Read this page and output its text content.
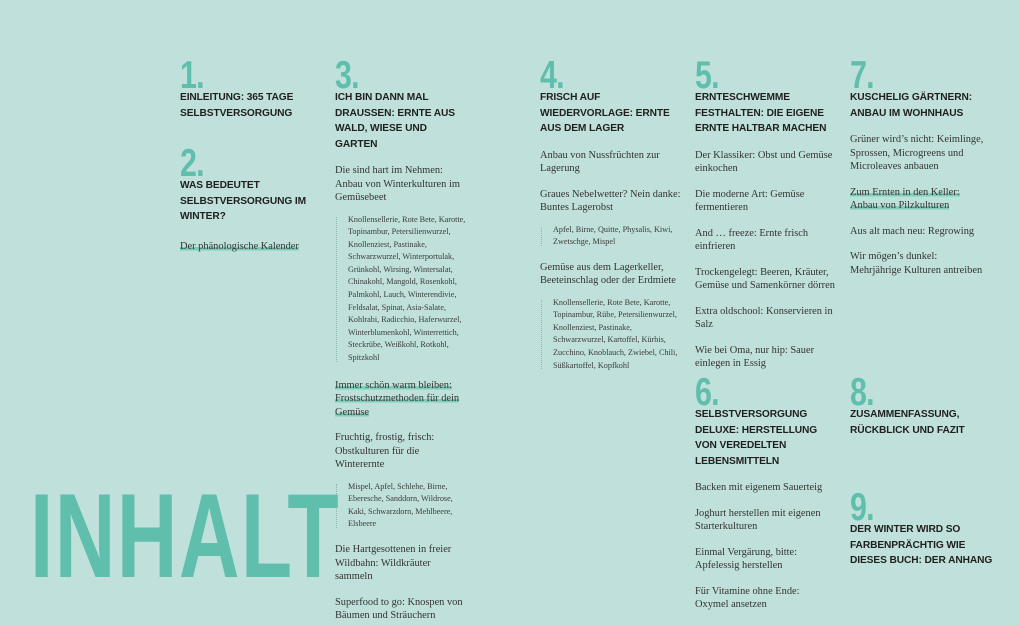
1.
EINLEITUNG: 365 TAGE SELBSTVERSORGUNG
2.
WAS BEDEUTET SELBSTVERSORGUNG IM WINTER?
Der phänologische Kalender
3.
ICH BIN DANN MAL DRAUSSEN: ERNTE AUS WALD, WIESE UND GARTEN
Die sind hart im Nehmen: Anbau von Winterkulturen im Gemüsebeet
Knollensellerie, Rote Bete, Karotte, Topinambur, Petersilienwurzel, Knollenziest, Pastinake, Schwarzwurzel, Winterportulak, Grünkohl, Wirsing, Wintersalat, Chinakohl, Mangold, Rosenkohl, Palmkohl, Lauch, Winterendivie, Feldsalat, Spinat, Asia-Salate, Kohlrabi, Radicchio, Haferwurzel, Winterblumenkohl, Winterrettich, Steckrübe, Weißkohl, Rotkohl, Spitzkohl
Immer schön warm bleiben: Frostschutzmethoden für dein Gemüse
Fruchtig, frostig, frisch: Obstkulturen für die Winterernte
Mispel, Apfel, Schlehe, Birne, Eberesche, Sanddorn, Wildrose, Kaki, Schwarzdorn, Mehlbeere, Elsbeere
Die Hartgesottenen in freier Wildbahn: Wildkräuter sammeln
Superfood to go: Knospen von Bäumen und Sträuchern
4.
FRISCH AUF WIEDERVORLAGE: ERNTE AUS DEM LAGER
Anbau von Nussfrüchten zur Lagerung
Graues Nebelwetter? Nein danke: Buntes Lagerobst
Apfel, Birne, Quitte, Physalis, Kiwi, Zwetschge, Mispel
Gemüse aus dem Lagerkeller, Beeteinschlag oder der Erdmiete
Knollensellerie, Rote Bete, Karotte, Topinambur, Rübe, Petersilienwurzel, Knollenziest, Pastinake, Schwarzwurzel, Kartoffel, Kürbis, Zucchino, Knoblauch, Zwiebel, Chili, Süßkartoffel, Kopfkohl
5.
ERNTESCHWEMME FESTHALTEN: DIE EIGENE ERNTE HALTBAR MACHEN
Der Klassiker: Obst und Gemüse einkochen
Die moderne Art: Gemüse fermentieren
And … freeze: Ernte frisch einfrieren
Trockengelegt: Beeren, Kräuter, Gemüse und Samenkörner dörren
Extra oldschool: Konservieren in Salz
Wie bei Oma, nur hip: Sauer einlegen in Essig
6.
SELBSTVERSORGUNG DELUXE: HERSTELLUNG VON VEREDELTEN LEBENSMITTELN
Backen mit eigenem Sauerteig
Joghurt herstellen mit eigenen Starterkulturen
Einmal Vergärung, bitte: Apfelessig herstellen
Für Vitamine ohne Ende: Oxymel ansetzen
7.
KUSCHELIG GÄRTNERN: ANBAU IM WOHNHAUS
Grüner wird’s nicht: Keimlinge, Sprossen, Microgreens und Microleaves anbauen
Zum Ernten in den Keller: Anbau von Pilzkulturen
Aus alt mach neu: Regrowing
Wir mögen’s dunkel: Mehrjährige Kulturen antreiben
8.
ZUSAMMENFASSUNG, RÜCKBLICK UND FAZIT
9.
DER WINTER WIRD SO FARBENPRÄCHTIG WIE DIESES BUCH: DER ANHANG
INHALT
